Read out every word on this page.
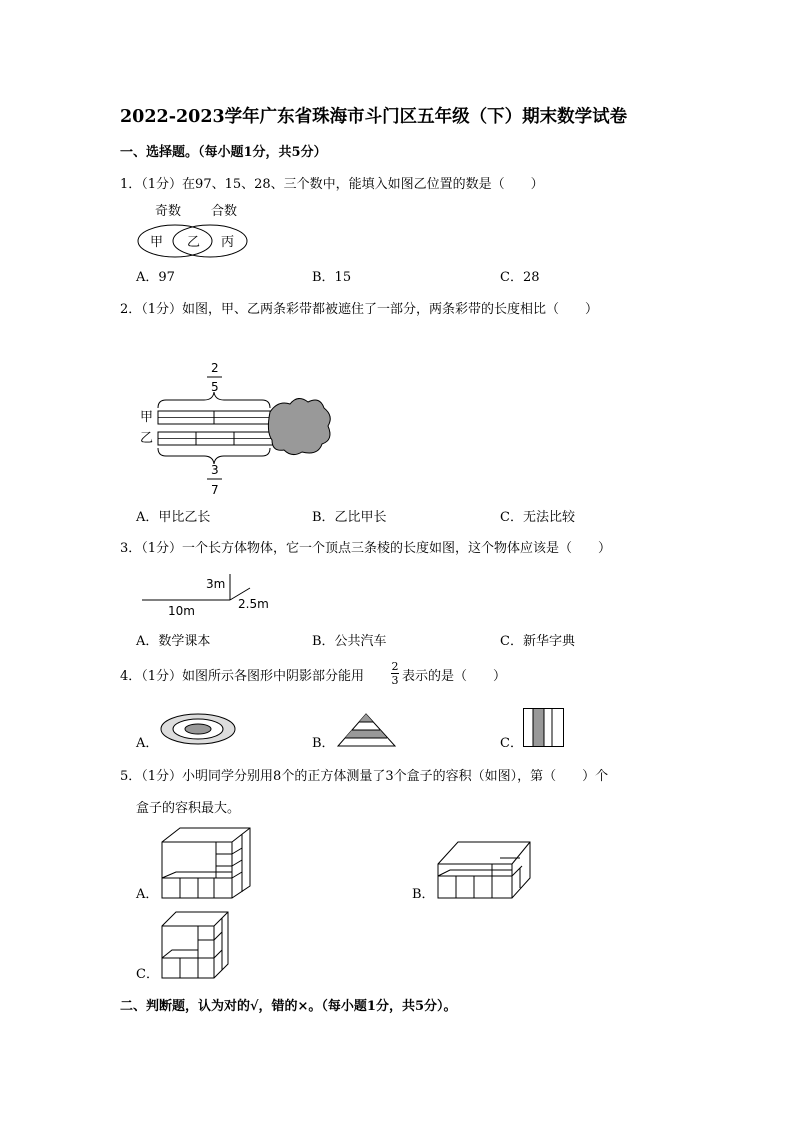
2022-2023学年广东省珠海市斗门区五年级（下）期末数学试卷
一、选择题。（每小题1分，共5分）
1．（1分）在97、15、28、三个数中，能填入如图乙位置的数是（　　）
奇数 合数
甲 乙 丙
A．97	B．15	C．28
2．（1分）如图，甲、乙两条彩带都被遮住了一部分，两条彩带的长度相比（　　）
2
5
甲
乙
3
7
A．甲比乙长	B．乙比甲长	C．无法比较
3．（1分）一个长方体物体，它一个顶点三条棱的长度如图，这个物体应该是（　　）
3m
10m	2.5m
A．数学课本	B．公共汽车	C．新华字典
4．（1分）如图所示各图形中阴影部分能用
2
3 表示的是（　　）
A．	B．	C．
5．（1分）小明同学分别用8个的正方体测量了3个盒子的容积（如图），第（　　）个
盒子的容积最大。
A．	B．
C．
二、判断题，认为对的√，错的×。（每小题1分，共5分）。
